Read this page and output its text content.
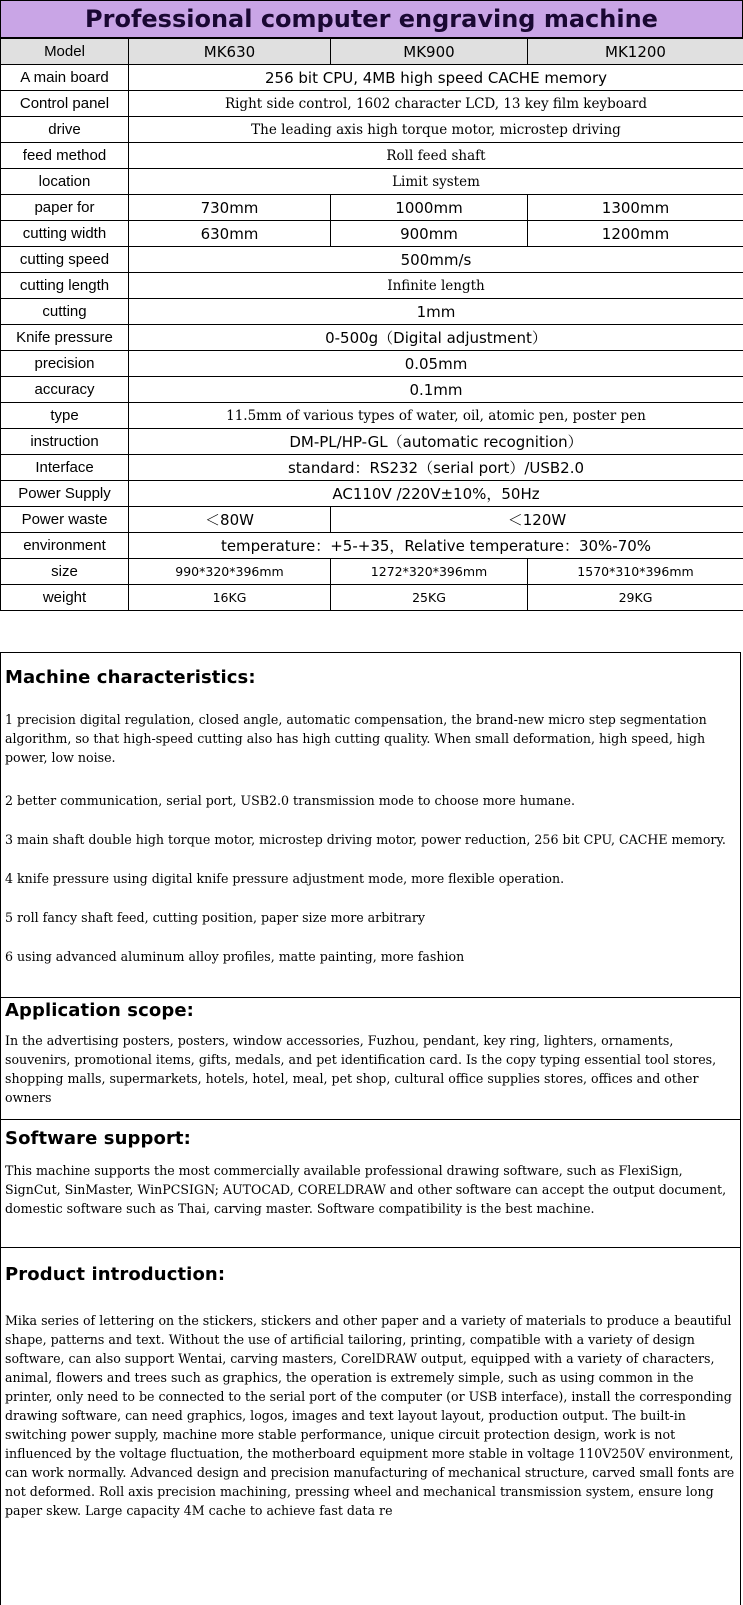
Professional computer engraving machine
Model	MK630	MK900	MK1200
A main board	256 bit CPU, 4MB high speed CACHE memory		
Control panel	Right side control, 1602 character LCD, 13 key film keyboard		
drive	The leading axis high torque motor, microstep driving		
feed method	Roll feed shaft		
location	Limit system		
paper for	730mm	1000mm	1300mm
cutting width	630mm	900mm	1200mm
cutting speed	500mm/s		
cutting length	Infinite length		
cutting	1mm		
Knife pressure	0-500g（Digital adjustment）		
precision	0.05mm		
accuracy	0.1mm		
type	11.5mm of various types of water, oil, atomic pen, poster pen		
instruction	DM-PL/HP-GL（automatic recognition）		
Interface	standard：RS232（serial port）/USB2.0		
Power Supply	AC110V /220V±10%，50Hz		
Power waste	＜80W	＜120W	
environment	temperature：+5-+35，Relative temperature：30%-70%		
size	990*320*396mm	1272*320*396mm	1570*310*396mm
weight	16KG	25KG	29KG
Machine characteristics:

1 precision digital regulation, closed angle, automatic compensation, the brand-new micro step segmentation algorithm, so that high-speed cutting also has high cutting quality. When small deformation, high speed, high power, low noise.

2 better communication, serial port, USB2.0 transmission mode to choose more humane.

3 main shaft double high torque motor, microstep driving motor, power reduction, 256 bit CPU, CACHE memory.

4 knife pressure using digital knife pressure adjustment mode, more flexible operation.

5 roll fancy shaft feed, cutting position, paper size more arbitrary

6 using advanced aluminum alloy profiles, matte painting, more fashion

Application scope:

In the advertising posters, posters, window accessories, Fuzhou, pendant, key ring, lighters, ornaments, souvenirs, promotional items, gifts, medals, and pet identification card. Is the copy typing essential tool stores, shopping malls, supermarkets, hotels, hotel, meal, pet shop, cultural office supplies stores, offices and other owners

Software support:

This machine supports the most commercially available professional drawing software, such as FlexiSign, SignCut, SinMaster, WinPCSIGN; AUTOCAD, CORELDRAW and other software can accept the output document, domestic software such as Thai, carving master. Software compatibility is the best machine.

Product introduction:

Mika series of lettering on the stickers, stickers and other paper and a variety of materials to produce a beautiful shape, patterns and text. Without the use of artificial tailoring, printing, compatible with a variety of design software, can also support Wentai, carving masters, CorelDRAW output, equipped with a variety of characters, animal, flowers and trees such as graphics, the operation is extremely simple, such as using common in the printer, only need to be connected to the serial port of the computer (or USB interface), install the corresponding drawing software, can need graphics, logos, images and text layout layout, production output. The built-in switching power supply, machine more stable performance, unique circuit protection design, work is not influenced by the voltage fluctuation, the motherboard equipment more stable in voltage 110V250V environment, can work normally. Advanced design and precision manufacturing of mechanical structure, carved small fonts are not deformed. Roll axis precision machining, pressing wheel and mechanical transmission system, ensure long paper skew. Large capacity 4M cache to achieve fast data re
